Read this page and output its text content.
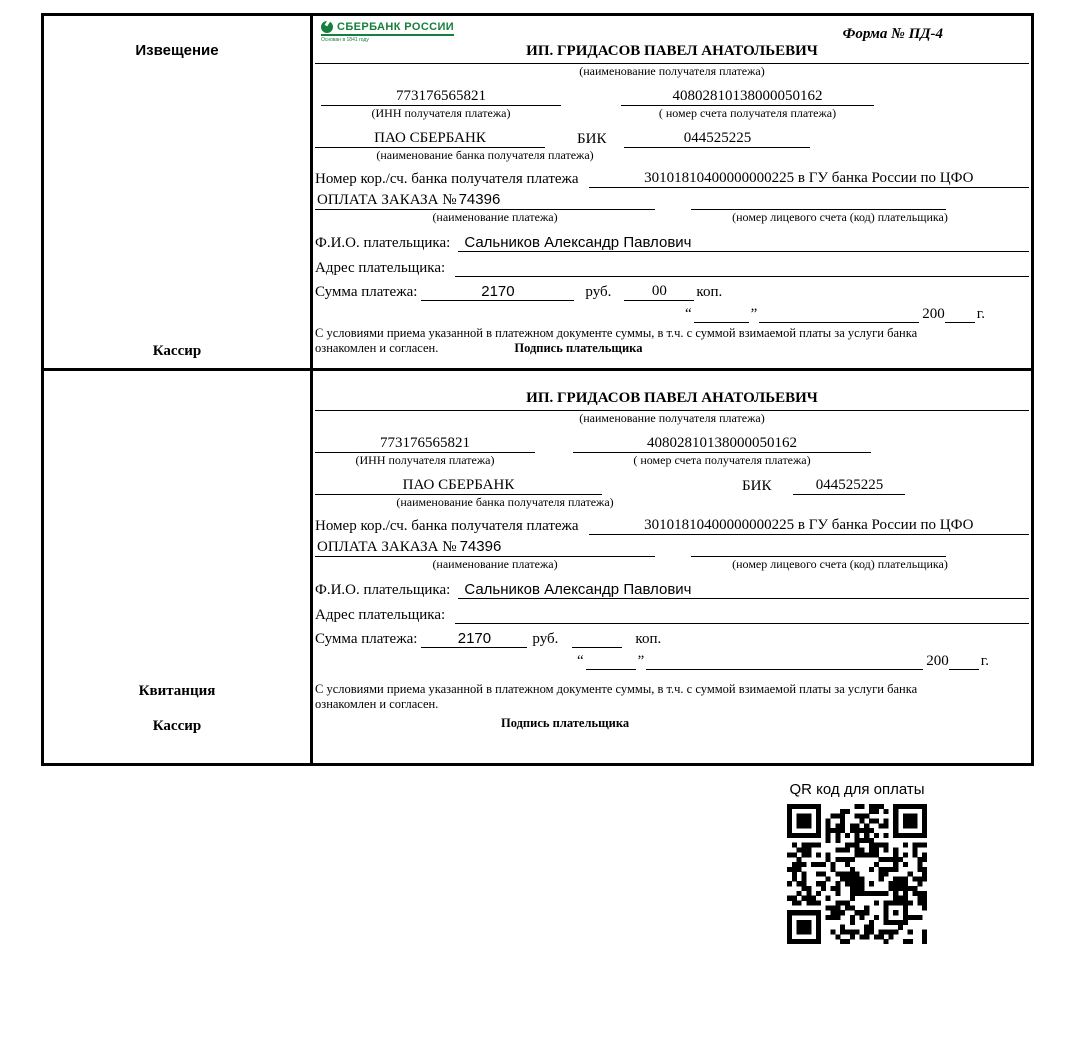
Извещение
Кассир
СБЕРБАНК РОССИИ
Основан в 1841 году	Форма № ПД-4
ИП. ГРИДАСОВ ПАВЕЛ АНАТОЛЬЕВИЧ
(наименование получателя платежа)
773176565821	40802810138000050162
(ИНН получателя платежа)	( номер счета получателя платежа)
ПАО СБЕРБАНК	БИК	044525225
(наименование банка получателя платежа)
Номер кор./сч. банка получателя платежа	30101810400000000225 в ГУ банка России по ЦФО
ОПЛАТА ЗАКАЗА № 74396
(наименование платежа)	(номер лицевого счета (код) плательщика)
Ф.И.О. плательщика: Сальников Александр Павлович
Адрес плательщика:
Сумма платежа:	2170	руб.	00	коп.
“	”	200 г.
С условиями приема указанной в платежном документе суммы, в т.ч. с суммой взимаемой платы за услуги банка
ознакомлен и согласен.	Подпись плательщика
Квитанция
Кассир
ИП. ГРИДАСОВ ПАВЕЛ АНАТОЛЬЕВИЧ
(наименование получателя платежа)
773176565821	40802810138000050162
(ИНН получателя платежа)	( номер счета получателя платежа)
ПАО СБЕРБАНК	БИК	044525225
(наименование банка получателя платежа)
Номер кор./сч. банка получателя платежа	30101810400000000225 в ГУ банка России по ЦФО
ОПЛАТА ЗАКАЗА № 74396
(наименование платежа)	(номер лицевого счета (код) плательщика)
Ф.И.О. плательщика: Сальников Александр Павлович
Адрес плательщика:
Сумма платежа:	2170	руб.	коп.
“	”	200 г.
С условиями приема указанной в платежном документе суммы, в т.ч. с суммой взимаемой платы за услуги банка
ознакомлен и согласен.
Подпись плательщика
QR код для оплаты
